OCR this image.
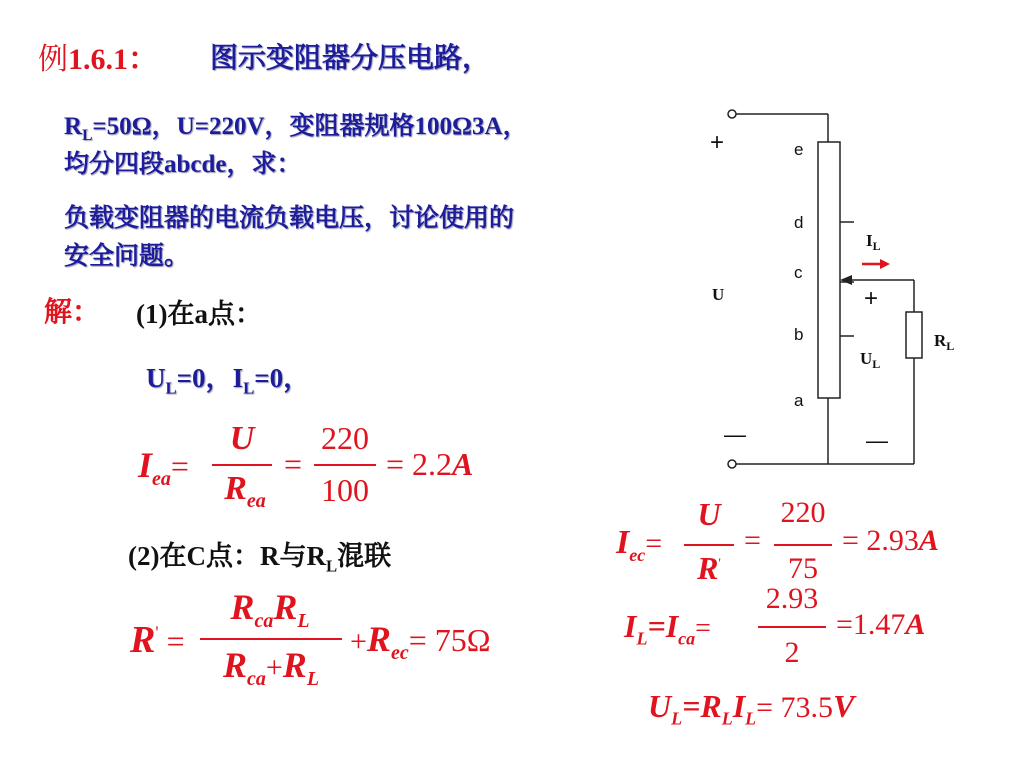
例1.6.1： 图示变阻器分压电路，
$R_L=50\Omega$，U=220V，变阻器规格100Ω3A，
均分四段abcde，求：
负载变阻器的电流负载电压，讨论使用的
安全问题。
解： (1)在a点：
$U_L=0$，$I_L=0$，
$I_{ea}=$
U
$R_{ea}$
=
220
100
= 2.2A
(2)在C点：R与$R_L$混联
R' =
$R_{ca}R_L$
$R_{ca}+R_L$
$+R_{ec}= 75\Omega$
$I_{ec}=$
U
R'
=
220
75
= 2.93A
$I_L=I_{ca}=$
2.93
2
=1.47A
$U_L=R_LI_L= 73.5V$
e
d
c
b
a
+
U
—
$I_L$
+
$U_L$
—
$R_L$
